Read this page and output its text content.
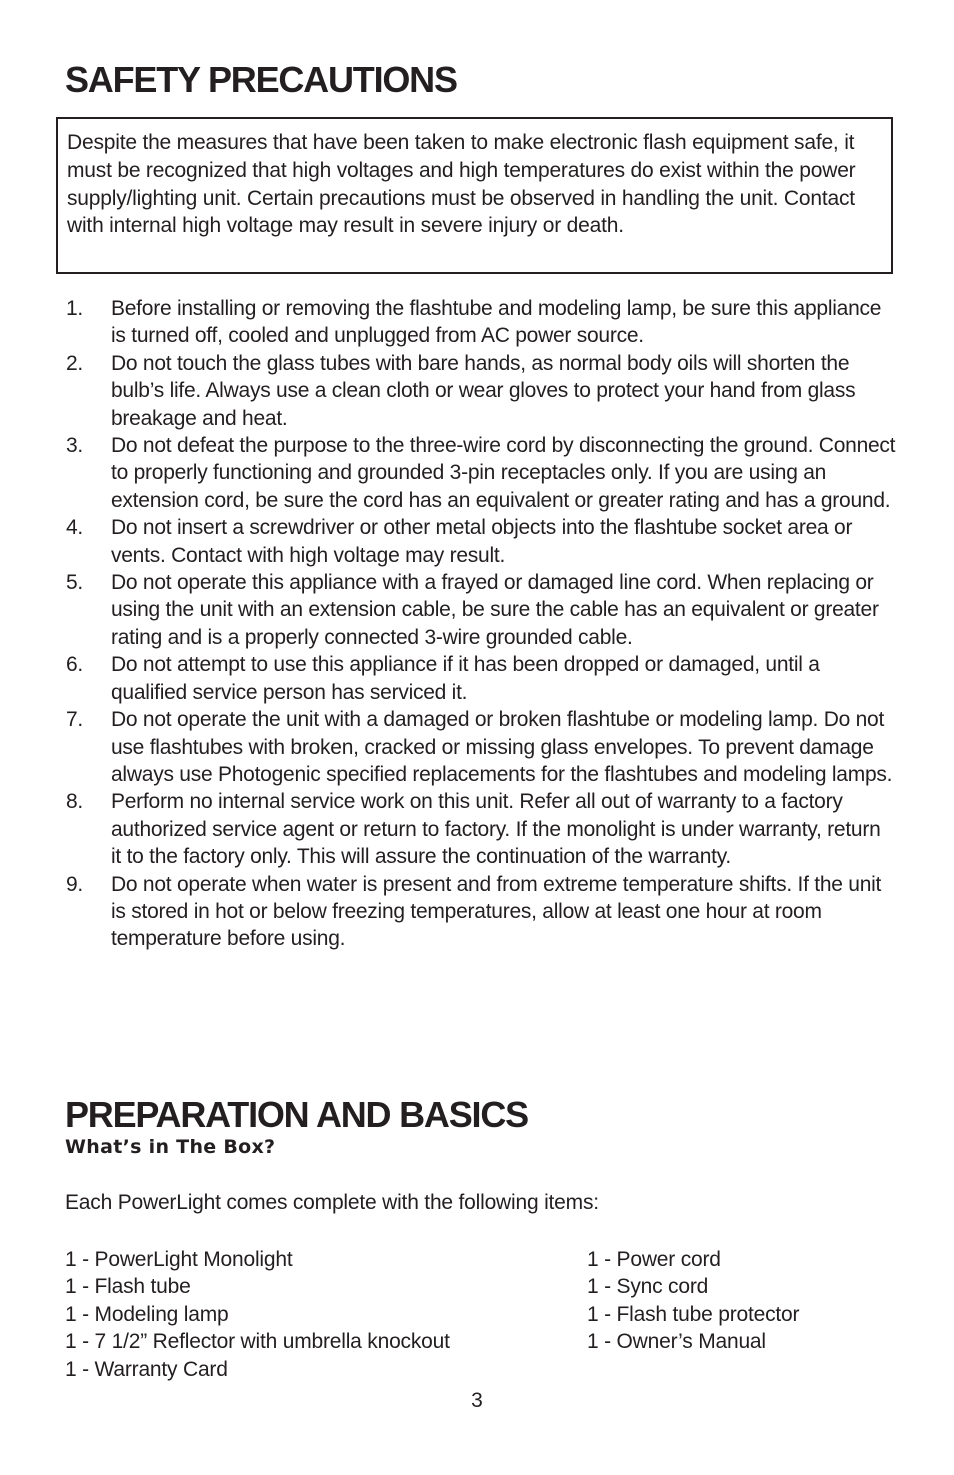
SAFETY PRECAUTIONS
Despite the measures that have been taken to make electronic flash equipment safe, it must be recognized that high voltages and high temperatures do exist within the power supply/lighting unit. Certain precautions must be observed in handling the unit. Contact with internal high voltage may result in severe injury or death.
1. Before installing or removing the flashtube and modeling lamp, be sure this appliance is turned off, cooled and unplugged from AC power source.
2. Do not touch the glass tubes with bare hands, as normal body oils will shorten the bulb’s life. Always use a clean cloth or wear gloves to protect your hand from glass breakage and heat.
3. Do not defeat the purpose to the three-wire cord by disconnecting the ground. Connect to properly functioning and grounded 3-pin receptacles only. If you are using an extension cord, be sure the cord has an equivalent or greater rating and has a ground.
4. Do not insert a screwdriver or other metal objects into the flashtube socket area or vents. Contact with high voltage may result.
5. Do not operate this appliance with a frayed or damaged line cord. When replacing or using the unit with an extension cable, be sure the cable has an equivalent or greater rating and is a properly connected 3-wire grounded cable.
6. Do not attempt to use this appliance if it has been dropped or damaged, until a qualified service person has serviced it.
7. Do not operate the unit with a damaged or broken flashtube or modeling lamp. Do not use flashtubes with broken, cracked or missing glass envelopes. To prevent damage always use Photogenic specified replacements for the flashtubes and modeling lamps.
8. Perform no internal service work on this unit. Refer all out of warranty to a factory authorized service agent or return to factory. If the monolight is under warranty, return it to the factory only. This will assure the continuation of the warranty.
9. Do not operate when water is present and from extreme temperature shifts. If the unit is stored in hot or below freezing temperatures, allow at least one hour at room temperature before using.
PREPARATION AND BASICS
What’s in The Box?
Each PowerLight comes complete with the following items:
1 - PowerLight Monolight
1 - Flash tube
1 - Modeling lamp
1 - 7 1/2” Reflector with umbrella knockout
1 - Warranty Card
1 - Power cord
1 - Sync cord
1 - Flash tube protector
1 - Owner’s Manual
3
